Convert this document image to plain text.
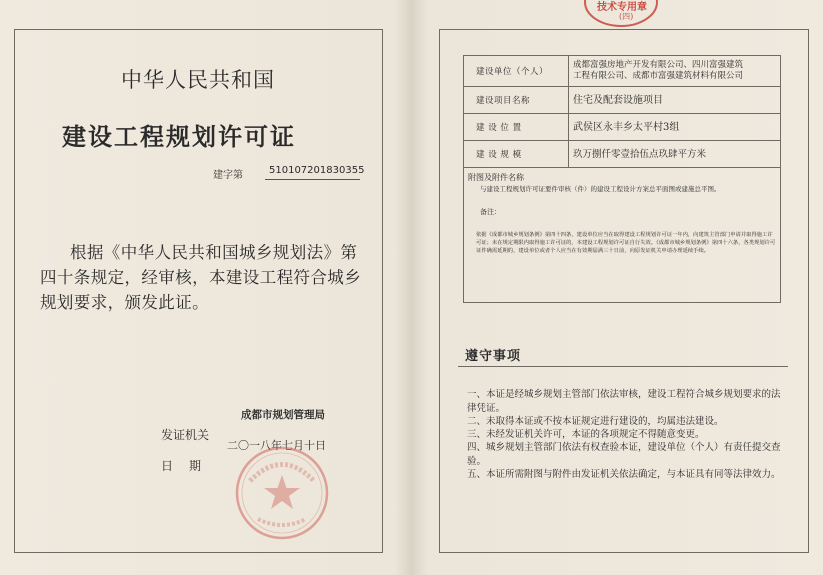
中华人民共和国
建设工程规划许可证
建字第	510107201830355
根据《中华人民共和国城乡规划法》第
四十条规定，经审核，本建设工程符合城乡
规划要求，颁发此证。
成都市规划管理局
发证机关
二〇一八年七月十日
日　期
技术专用章
(四)
建设单位（个人）	成都富强房地产开发有限公司、四川富强建筑
工程有限公司、成都市富强建筑材料有限公司

建设项目名称	住宅及配套设施项目
建 设 位 置	武侯区永丰乡太平村3组
建 设 规 模	玖万捌仟零壹拾伍点玖肆平方米

附图及附件名称
与建设工程规划许可证要件审核（件）的建设工程设计方案总平面图或建施总平图。
备注：
依据《成都市城乡规划条例》第四十四条，建设单位应当在取得建设工程规划许可证一年内，向建筑主管部门申请并取得施工许可证；未在规定期限内取得施工许可证的，本建设工程规划许可证自行失效。《成都市城乡规划条例》第四十六条，各类规划许可证件确需延期的，建设单位或者个人应当在有效期届满三十日前，向原发证机关申请办理延续手续。	
遵守事项
一、本证是经城乡规划主管部门依法审核，建设工程符合城乡规划要求的法律凭证。
二、未取得本证或不按本证规定进行建设的，均属违法建设。
三、未经发证机关许可，本证的各项规定不得随意变更。
四、城乡规划主管部门依法有权查验本证，建设单位（个人）有责任提交查验。
五、本证所需附图与附件由发证机关依法确定，与本证具有同等法律效力。
